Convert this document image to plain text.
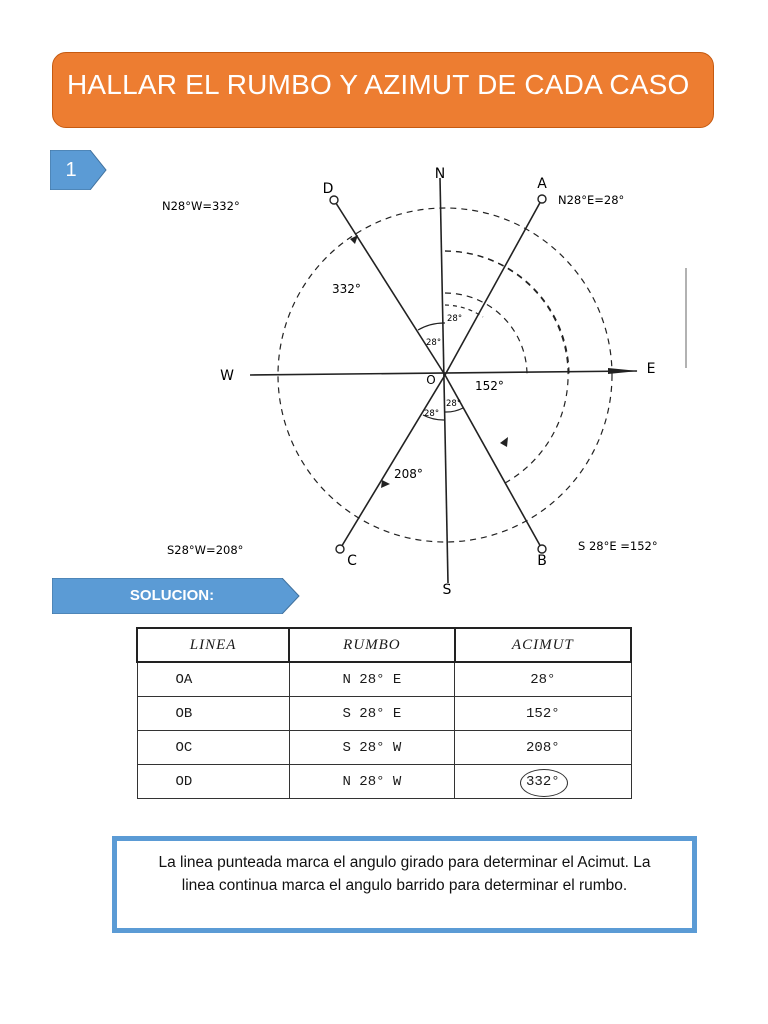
HALLAR EL RUMBO Y AZIMUT DE CADA CASO
1	N
S
E
W	O
A
B
C
D
N28°E=28°
S 28°E =152°
S28°W=208°
N28°W=332°
332°
152°
208°
28°
28°
28°
28°
SOLUCION:
LINEA	RUMBO	ACIMUT
OA	N 28° E	28°
OB	S 28° E	152°
OC	S 28° W	208°
OD	N 28° W	332°
La linea punteada marca el angulo girado para determinar el Acimut. La linea continua marca el angulo barrido para determinar el rumbo.
